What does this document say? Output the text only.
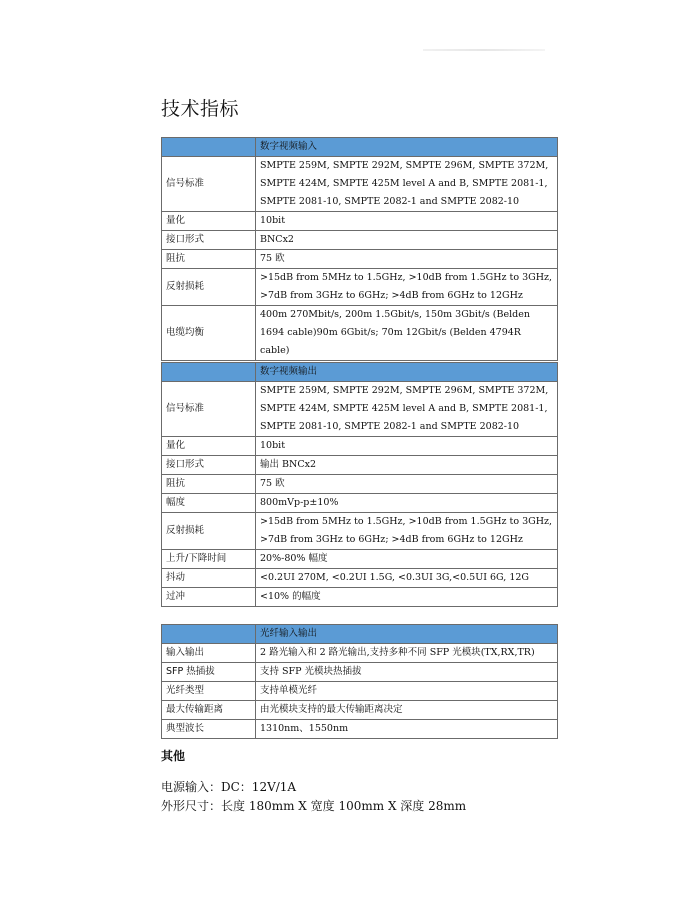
技术指标
	数字视频输入
信号标准	SMPTE 259M, SMPTE 292M, SMPTE 296M, SMPTE 372M, SMPTE 424M, SMPTE 425M level A and B, SMPTE 2081-1, SMPTE 2081-10, SMPTE 2082-1 and SMPTE 2082-10
量化	10bit
接口形式	BNCx2
阻抗	75 欧
反射损耗	>15dB from 5MHz to 1.5GHz, >10dB from 1.5GHz to 3GHz, >7dB from 3GHz to 6GHz; >4dB from 6GHz to 12GHz
电缆均衡	400m 270Mbit/s, 200m 1.5Gbit/s, 150m 3Gbit/s (Belden 1694 cable)90m 6Gbit/s; 70m 12Gbit/s (Belden 4794R cable)
	数字视频输出
信号标准	SMPTE 259M, SMPTE 292M, SMPTE 296M, SMPTE 372M, SMPTE 424M, SMPTE 425M level A and B, SMPTE 2081-1, SMPTE 2081-10, SMPTE 2082-1 and SMPTE 2082-10
量化	10bit
接口形式	输出 BNCx2
阻抗	75 欧
幅度	800mVp-p±10%
反射损耗	>15dB from 5MHz to 1.5GHz, >10dB from 1.5GHz to 3GHz, >7dB from 3GHz to 6GHz; >4dB from 6GHz to 12GHz
上升/下降时间	20%-80% 幅度
抖动	<0.2UI 270M, <0.2UI 1.5G, <0.3UI 3G,<0.5UI 6G, 12G
过冲	<10% 的幅度
	光纤输入输出
输入输出	2 路光输入和 2 路光输出,支持多种不同 SFP 光模块(TX,RX,TR)
SFP 热插拔	支持 SFP 光模块热插拔
光纤类型	支持单模光纤
最大传输距离	由光模块支持的最大传输距离决定
典型波长	1310nm、1550nm
其他
电源输入：DC：12V/1A
外形尺寸：长度 180mm X 宽度 100mm X 深度 28mm
